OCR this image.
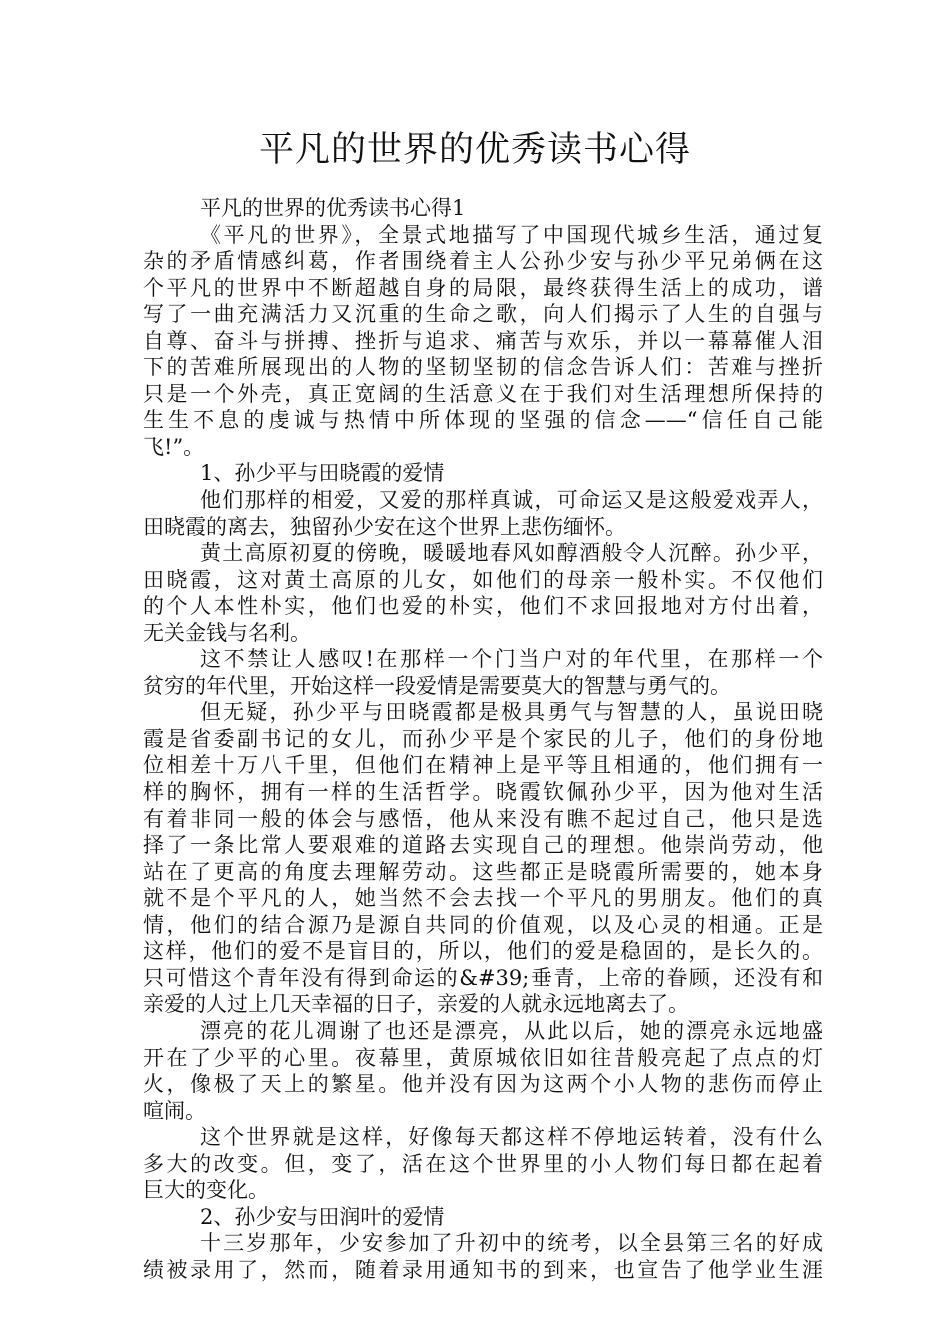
平凡的世界的优秀读书心得
平凡的世界的优秀读书心得1
《平凡的世界》，全景式地描写了中国现代城乡生活，通过复
杂的矛盾情感纠葛，作者围绕着主人公孙少安与孙少平兄弟俩在这
个平凡的世界中不断超越自身的局限，最终获得生活上的成功，谱
写了一曲充满活力又沉重的生命之歌，向人们揭示了人生的自强与
自尊、奋斗与拼搏、挫折与追求、痛苦与欢乐，并以一幕幕催人泪
下的苦难所展现出的人物的坚韧坚韧的信念告诉人们：苦难与挫折
只是一个外壳，真正宽阔的生活意义在于我们对生活理想所保持的
生生不息的虔诚与热情中所体现的坚强的信念——“信任自己能
飞!”。
1、孙少平与田晓霞的爱情
他们那样的相爱，又爱的那样真诚，可命运又是这般爱戏弄人，
田晓霞的离去，独留孙少安在这个世界上悲伤缅怀。
黄土高原初夏的傍晚，暖暖地春风如醇酒般令人沉醉。孙少平，
田晓霞，这对黄土高原的儿女，如他们的母亲一般朴实。不仅他们
的个人本性朴实，他们也爱的朴实，他们不求回报地对方付出着，
无关金钱与名利。
这不禁让人感叹!在那样一个门当户对的年代里，在那样一个
贫穷的年代里，开始这样一段爱情是需要莫大的智慧与勇气的。
但无疑，孙少平与田晓霞都是极具勇气与智慧的人，虽说田晓
霞是省委副书记的女儿，而孙少平是个家民的儿子，他们的身份地
位相差十万八千里，但他们在精神上是平等且相通的，他们拥有一
样的胸怀，拥有一样的生活哲学。晓霞钦佩孙少平，因为他对生活
有着非同一般的体会与感悟，他从来没有瞧不起过自己，他只是选
择了一条比常人要艰难的道路去实现自己的理想。他崇尚劳动，他
站在了更高的角度去理解劳动。这些都正是晓霞所需要的，她本身
就不是个平凡的人，她当然不会去找一个平凡的男朋友。他们的真
情，他们的结合源乃是源自共同的价值观，以及心灵的相通。正是
这样，他们的爱不是盲目的，所以，他们的爱是稳固的，是长久的。
只可惜这个青年没有得到命运的&#39;垂青，上帝的眷顾，还没有和
亲爱的人过上几天幸福的日子，亲爱的人就永远地离去了。
漂亮的花儿凋谢了也还是漂亮，从此以后，她的漂亮永远地盛
开在了少平的心里。夜幕里，黄原城依旧如往昔般亮起了点点的灯
火，像极了天上的繁星。他并没有因为这两个小人物的悲伤而停止
喧闹。
这个世界就是这样，好像每天都这样不停地运转着，没有什么
多大的改变。但，变了，活在这个世界里的小人物们每日都在起着
巨大的变化。
2、孙少安与田润叶的爱情
十三岁那年，少安参加了升初中的统考，以全县第三名的好成
绩被录用了，然而，随着录用通知书的到来，也宣告了他学业生涯
